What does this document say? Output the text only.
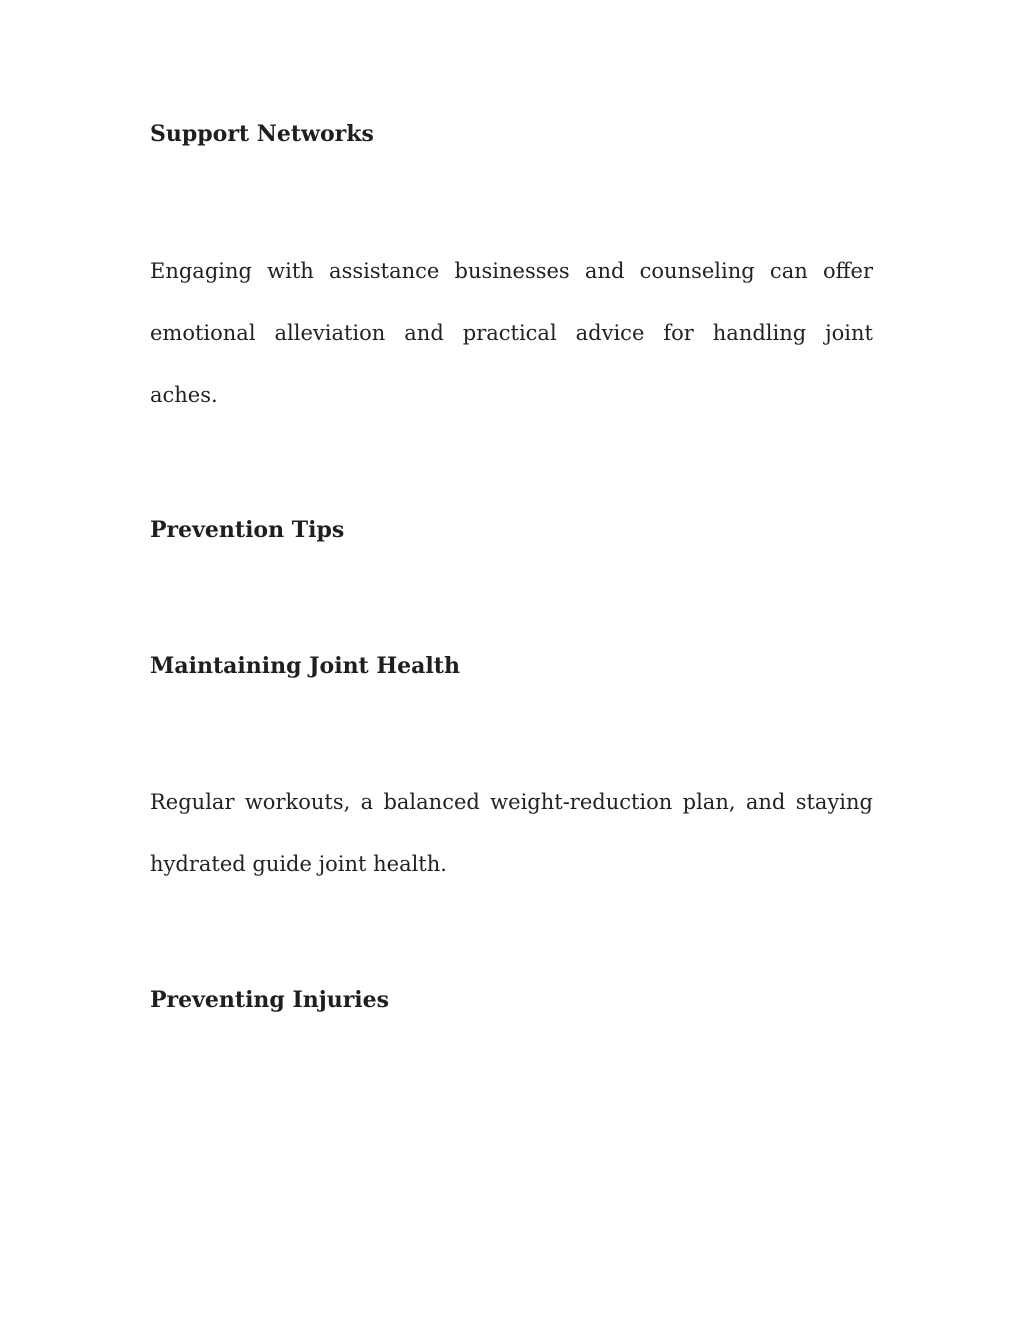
Support Networks

Engaging with assistance businesses and counseling can offer emotional alleviation and practical advice for handling joint aches.

Prevention Tips
Maintaining Joint Health

Regular workouts, a balanced weight-reduction plan, and staying hydrated guide joint health.

Preventing Injuries
